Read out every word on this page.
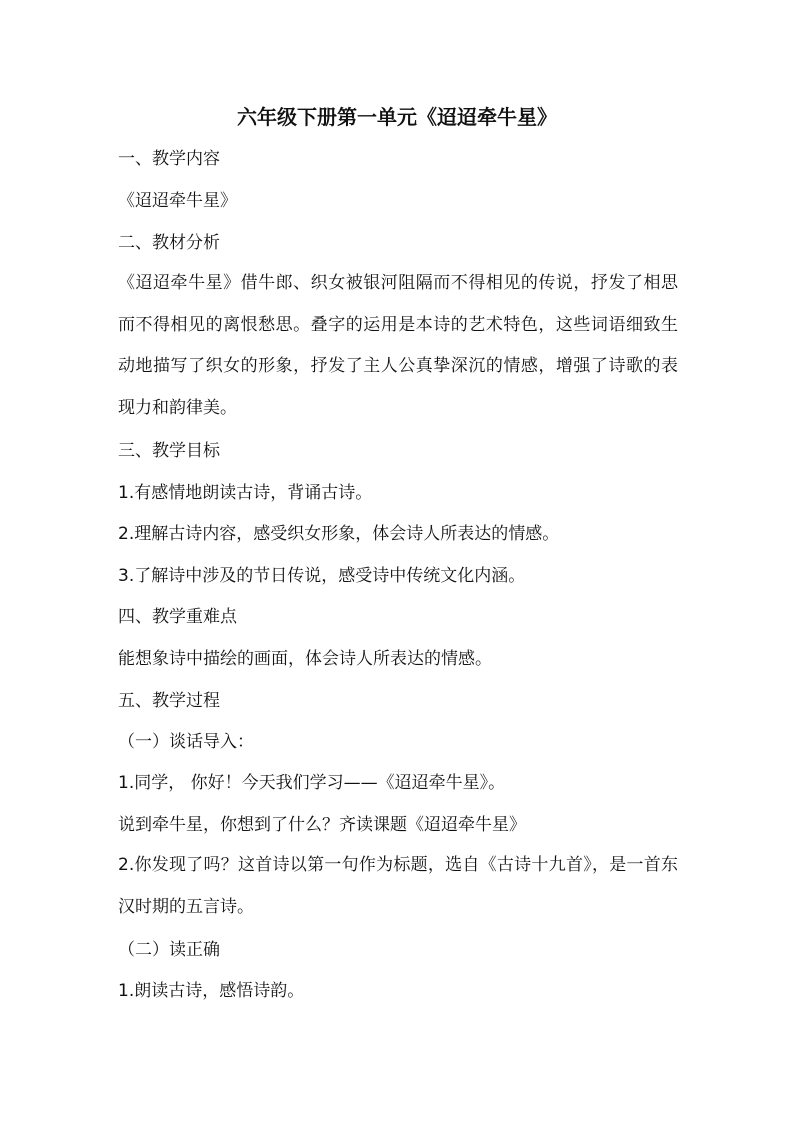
六年级下册第一单元《迢迢牵牛星》
一、教学内容
《迢迢牵牛星》
二、教材分析
《迢迢牵牛星》借牛郎、织女被银河阻隔而不得相见的传说，抒发了相思而不得相见的离恨愁思。叠字的运用是本诗的艺术特色，这些词语细致生动地描写了织女的形象，抒发了主人公真挚深沉的情感，增强了诗歌的表现力和韵律美。
三、教学目标
1.有感情地朗读古诗，背诵古诗。
2.理解古诗内容，感受织女形象，体会诗人所表达的情感。
3.了解诗中涉及的节日传说，感受诗中传统文化内涵。
四、教学重难点
能想象诗中描绘的画面，体会诗人所表达的情感。
五、教学过程
（一）谈话导入：
1.同学， 你好！今天我们学习——《迢迢牵牛星》。
说到牵牛星，你想到了什么？齐读课题《迢迢牵牛星》
2.你发现了吗？这首诗以第一句作为标题，选自《古诗十九首》，是一首东汉时期的五言诗。
（二）读正确
1.朗读古诗，感悟诗韵。
